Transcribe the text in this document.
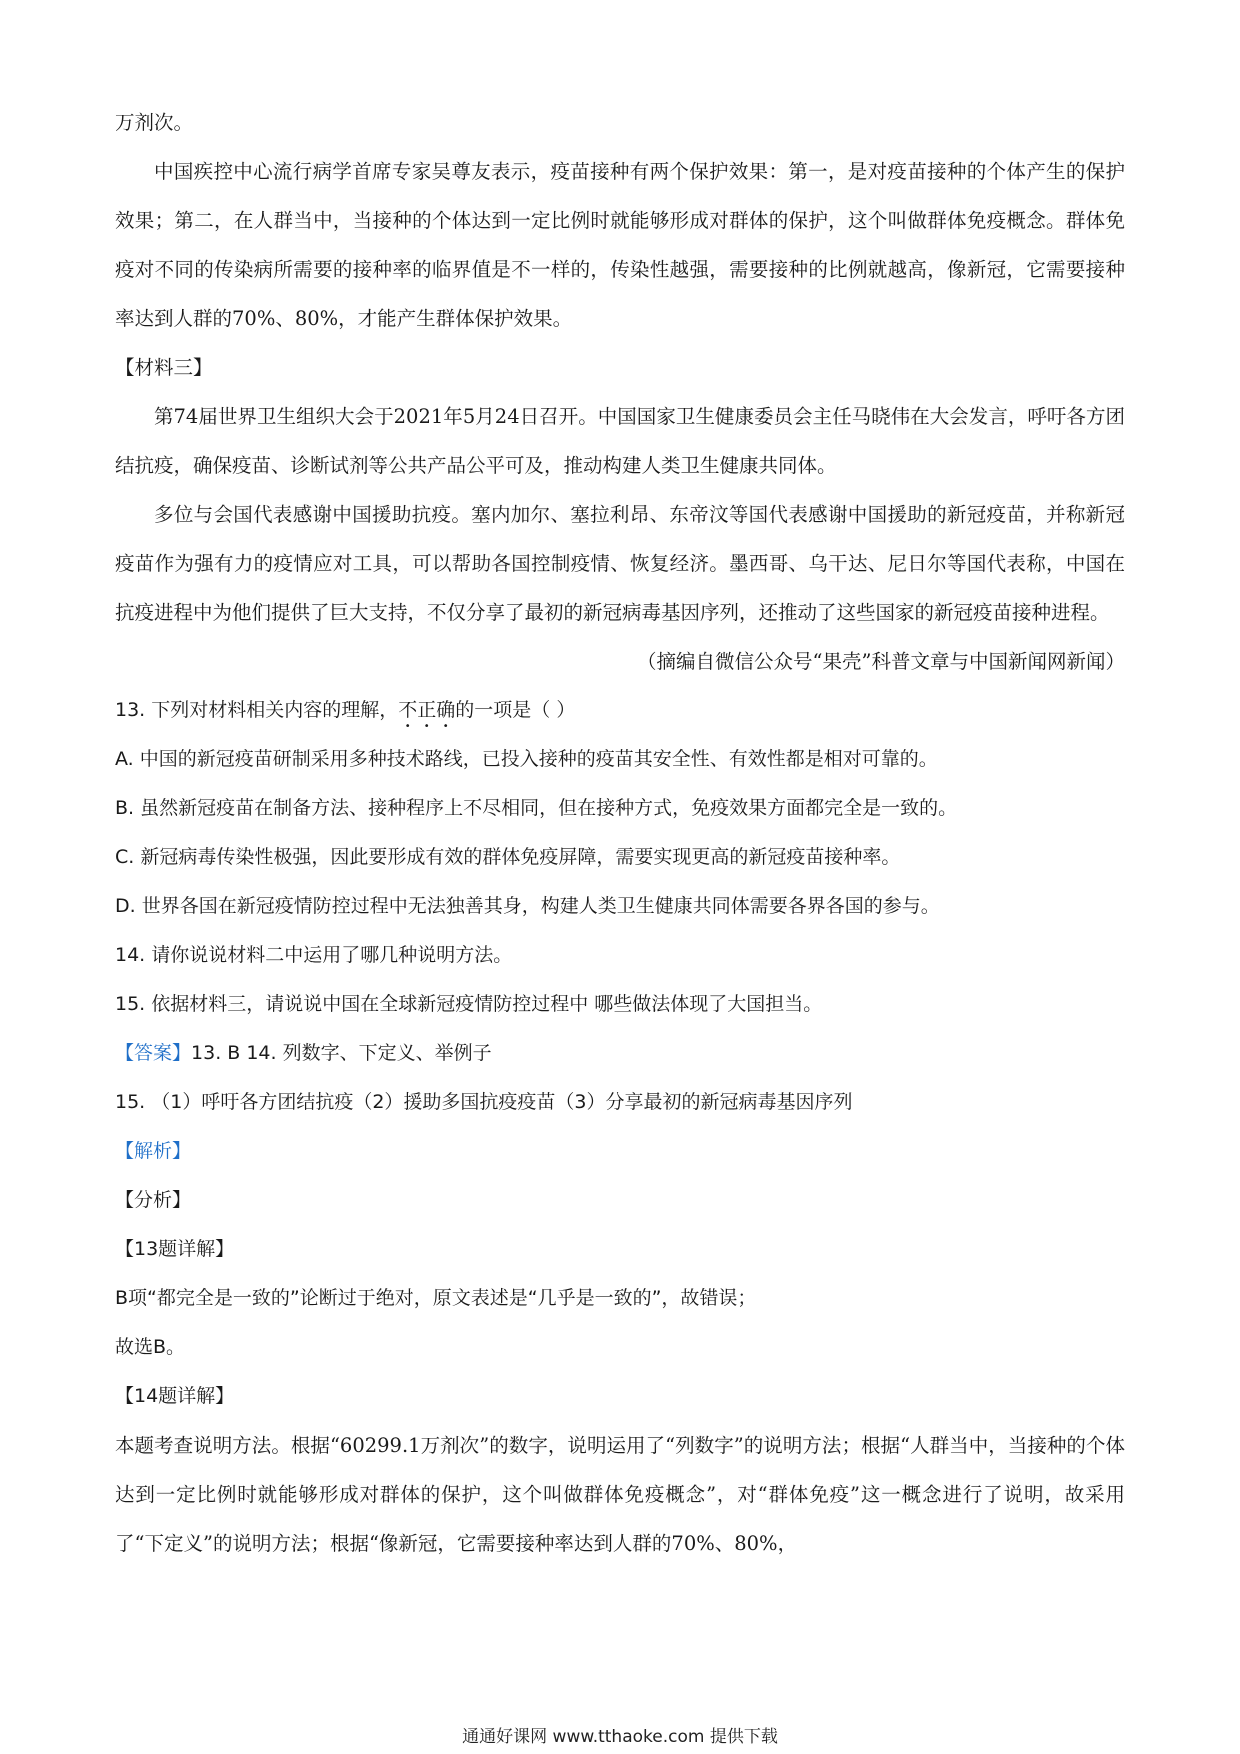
万剂次。

中国疾控中心流行病学首席专家吴尊友表示，疫苗接种有两个保护效果：第一，是对疫苗接种的个体产生的保护效果；第二，在人群当中，当接种的个体达到一定比例时就能够形成对群体的保护，这个叫做群体免疫概念。群体免疫对不同的传染病所需要的接种率的临界值是不一样的，传染性越强，需要接种的比例就越高，像新冠，它需要接种率达到人群的70%、80%，才能产生群体保护效果。

【材料三】

第74届世界卫生组织大会于2021年5月24日召开。中国国家卫生健康委员会主任马晓伟在大会发言，呼吁各方团结抗疫，确保疫苗、诊断试剂等公共产品公平可及，推动构建人类卫生健康共同体。

多位与会国代表感谢中国援助抗疫。塞内加尔、塞拉利昂、东帝汶等国代表感谢中国援助的新冠疫苗，并称新冠疫苗作为强有力的疫情应对工具，可以帮助各国控制疫情、恢复经济。墨西哥、乌干达、尼日尔等国代表称，中国在抗疫进程中为他们提供了巨大支持，不仅分享了最初的新冠病毒基因序列，还推动了这些国家的新冠疫苗接种进程。

（摘编自微信公众号“果壳”科普文章与中国新闻网新闻）

13. 下列对材料相关内容的理解，不正确的一项是（ ）

A. 中国的新冠疫苗研制采用多种技术路线，已投入接种的疫苗其安全性、有效性都是相对可靠的。

B. 虽然新冠疫苗在制备方法、接种程序上不尽相同，但在接种方式，免疫效果方面都完全是一致的。

C. 新冠病毒传染性极强，因此要形成有效的群体免疫屏障，需要实现更高的新冠疫苗接种率。

D. 世界各国在新冠疫情防控过程中无法独善其身，构建人类卫生健康共同体需要各界各国的参与。

14. 请你说说材料二中运用了哪几种说明方法。

15. 依据材料三，请说说中国在全球新冠疫情防控过程中 哪些做法体现了大国担当。

【答案】13. B 14. 列数字、下定义、举例子

15. （1）呼吁各方团结抗疫（2）援助多国抗疫疫苗（3）分享最初的新冠病毒基因序列

【解析】

【分析】

【13题详解】

B项“都完全是一致的”论断过于绝对，原文表述是“几乎是一致的”，故错误；

故选B。

【14题详解】

本题考查说明方法。根据“60299.1万剂次”的数字，说明运用了“列数字”的说明方法；根据“人群当中，当接种的个体达到一定比例时就能够形成对群体的保护，这个叫做群体免疫概念”，对“群体免疫”这一概念进行了说明，故采用了“下定义”的说明方法；根据“像新冠，它需要接种率达到人群的70%、80%，

通通好课网 www.tthaoke.com 提供下载
